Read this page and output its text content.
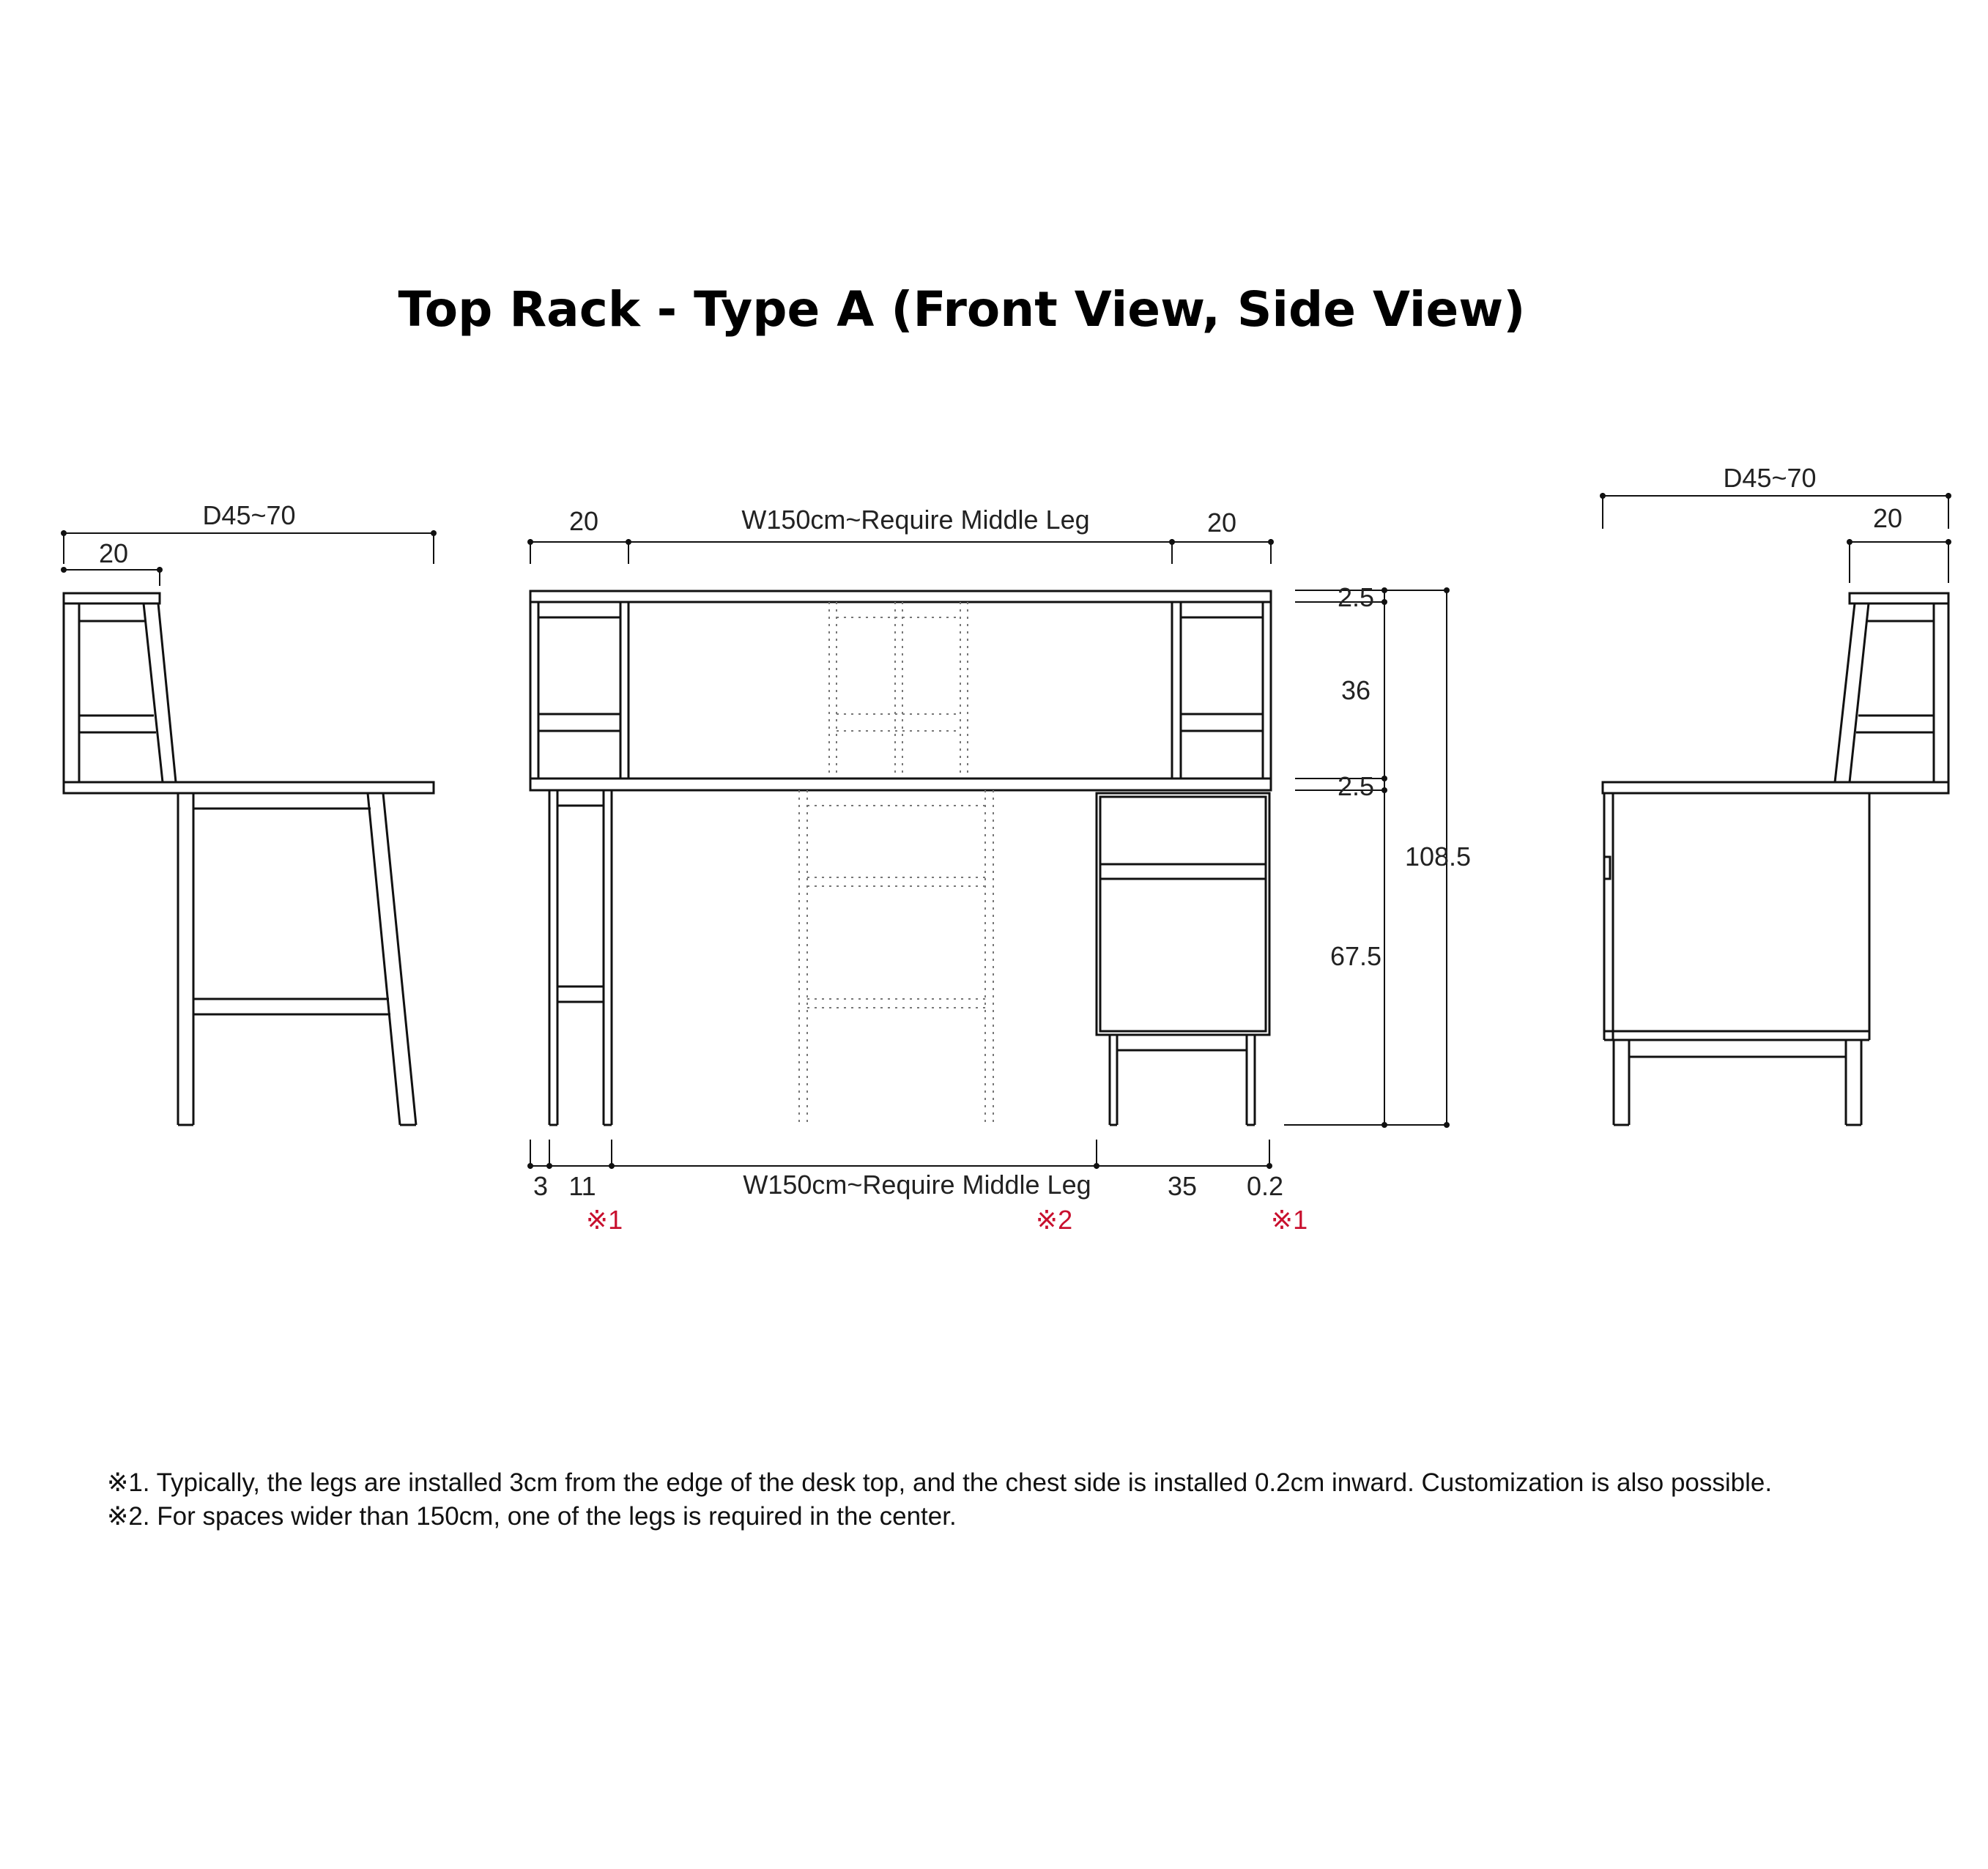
Top Rack - Type A (Front View, Side View)
D45~70
20
20	W150cm~Require Middle Leg	20
2.5
36
2.5
108.5
67.5
3 11	W150cm~Require Middle Leg	35 0.2
※1	※2	※1
D45~70
20
※1. Typically, the legs are installed 3cm from the edge of the desk top, and the chest side is installed 0.2cm inward. Customization is also possible.
※2. For spaces wider than 150cm, one of the legs is required in the center.
